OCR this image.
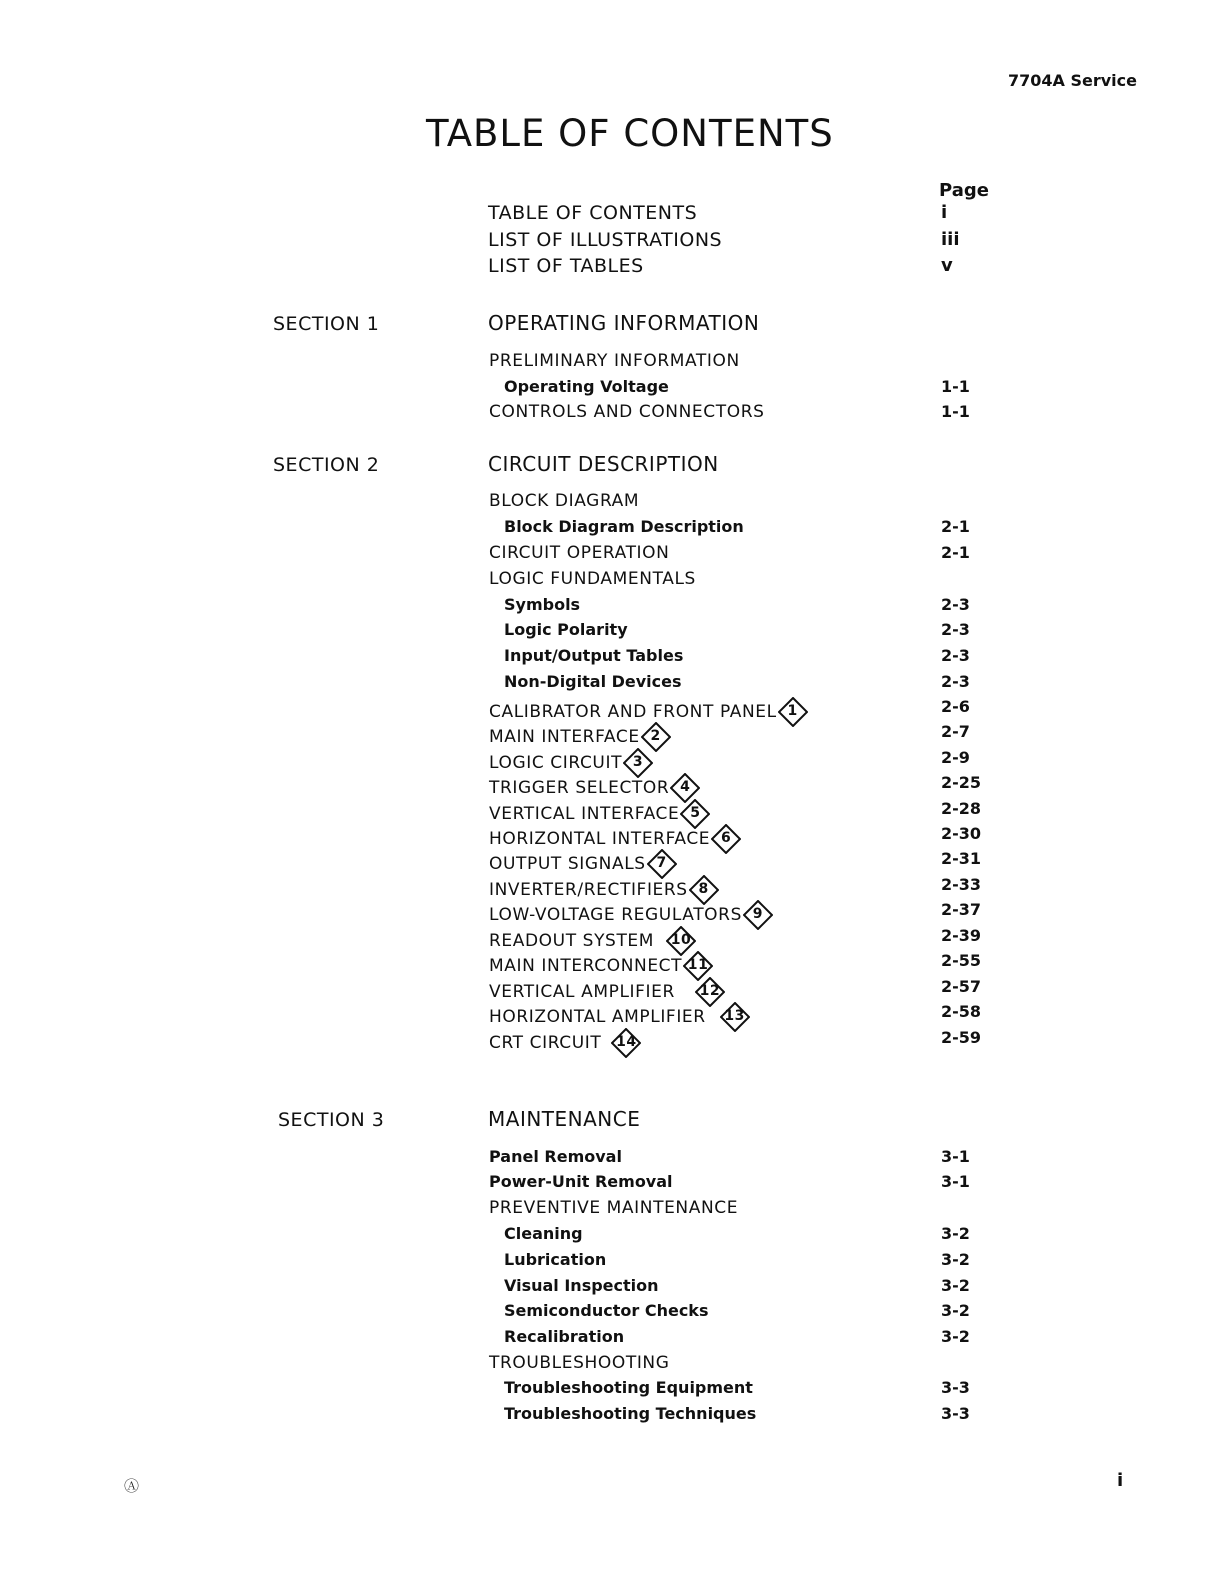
7704A Service
TABLE OF CONTENTS
Page
TABLE OF CONTENTS	i
LIST OF ILLUSTRATIONS	iii
LIST OF TABLES	v
SECTION 1	OPERATING INFORMATION
PRELIMINARY INFORMATION
Operating Voltage	1-1
CONTROLS AND CONNECTORS	1-1
SECTION 2	CIRCUIT DESCRIPTION
BLOCK DIAGRAM
Block Diagram Description	2-1
CIRCUIT OPERATION	2-1
LOGIC FUNDAMENTALS
Symbols	2-3
Logic Polarity	2-3
Input/Output Tables	2-3
Non-Digital Devices	2-3
CALIBRATOR AND FRONT PANEL 1	2-6
MAIN INTERFACE 2	2-7
LOGIC CIRCUIT 3	2-9
TRIGGER SELECTOR 4	2-25
VERTICAL INTERFACE 5	2-28
HORIZONTAL INTERFACE 6	2-30
OUTPUT SIGNALS 7	2-31
INVERTER/RECTIFIERS 8	2-33
LOW-VOLTAGE REGULATORS 9	2-37
READOUT SYSTEM	10	2-39
MAIN INTERCONNECT 11	2-55
VERTICAL AMPLIFIER	12	2-57
HORIZONTAL AMPLIFIER	13	2-58
CRT CIRCUIT	14	2-59
SECTION 3	MAINTENANCE
Panel Removal	3-1
Power-Unit Removal	3-1
PREVENTIVE MAINTENANCE
Cleaning	3-2
Lubrication	3-2
Visual Inspection	3-2
Semiconductor Checks	3-2
Recalibration	3-2
TROUBLESHOOTING
Troubleshooting Equipment	3-3
Troubleshooting Techniques	3-3
Ⓐ	i
